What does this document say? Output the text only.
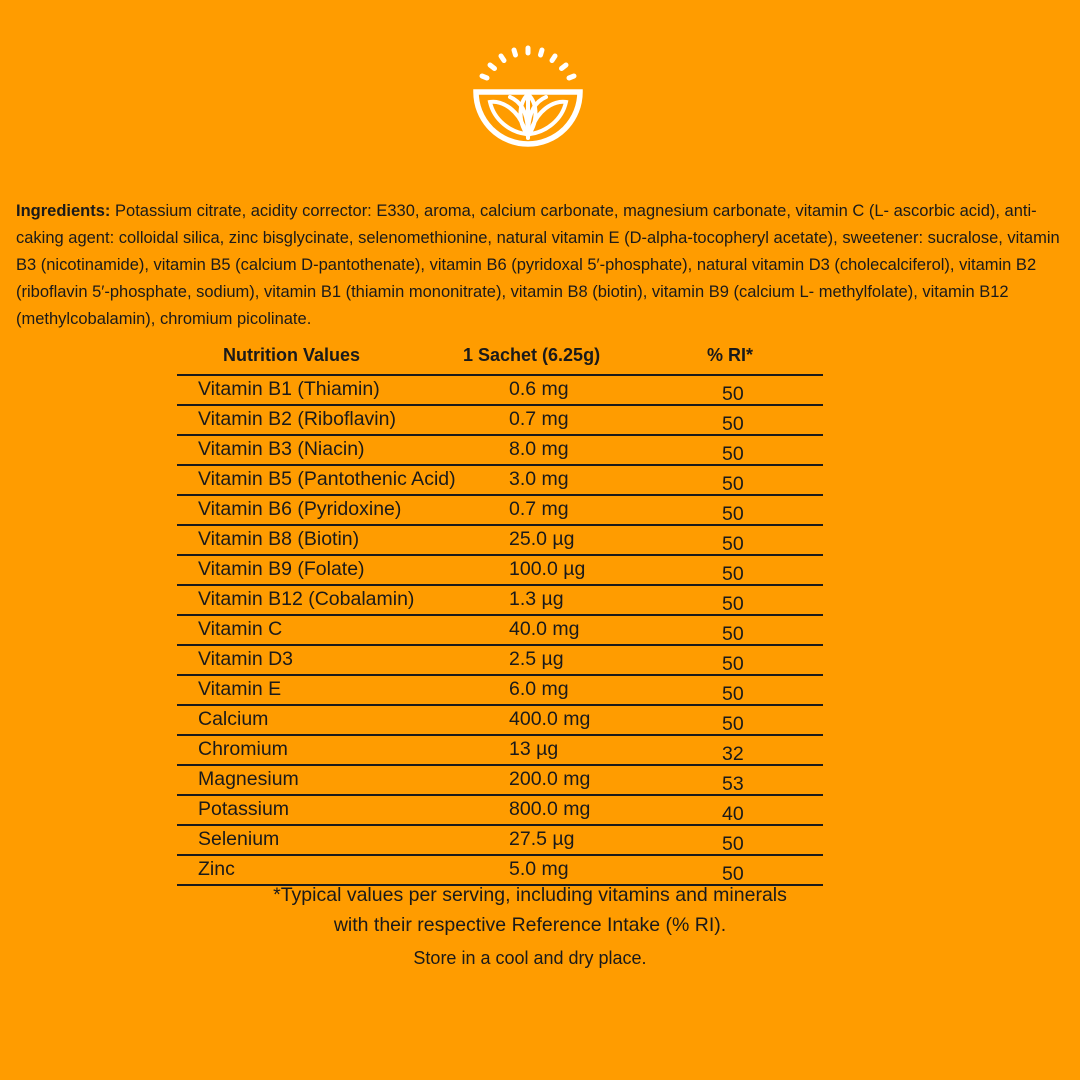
Ingredients: Potassium citrate, acidity corrector: E330, aroma, calcium carbonate, magnesium carbonate, vitamin C (L- ascorbic acid), anti-caking agent: colloidal silica, zinc bisglycinate, selenomethionine, natural vitamin E (D-alpha-tocopheryl acetate), sweetener: sucralose, vitamin B3 (nicotinamide), vitamin B5 (calcium D-pantothenate), vitamin B6 (pyridoxal 5′-phosphate), natural vitamin D3 (cholecalciferol), vitamin B2 (riboflavin 5′-phosphate, sodium), vitamin B1 (thiamin mononitrate), vitamin B8 (biotin), vitamin B9 (calcium L- methylfolate), vitamin B12 (methylcobalamin), chromium picolinate.
Nutrition Values	1 Sachet (6.25g)	% RI*
Vitamin B1 (Thiamin)	0.6 mg	50
Vitamin B2 (Riboflavin)	0.7 mg	50
Vitamin B3 (Niacin)	8.0 mg	50
Vitamin B5 (Pantothenic Acid)	3.0 mg	50
Vitamin B6 (Pyridoxine)	0.7 mg	50
Vitamin B8 (Biotin)	25.0 µg	50
Vitamin B9 (Folate)	100.0 µg	50
Vitamin B12 (Cobalamin)	1.3 µg	50
Vitamin C	40.0 mg	50
Vitamin D3	2.5 µg	50
Vitamin E	6.0 mg	50
Calcium	400.0 mg	50
Chromium	13 µg	32
Magnesium	200.0 mg	53
Potassium	800.0 mg	40
Selenium	27.5 µg	50
Zinc	5.0 mg	50
*Typical values per serving, including vitamins and minerals
with their respective Reference Intake (% RI).
Store in a cool and dry place.
